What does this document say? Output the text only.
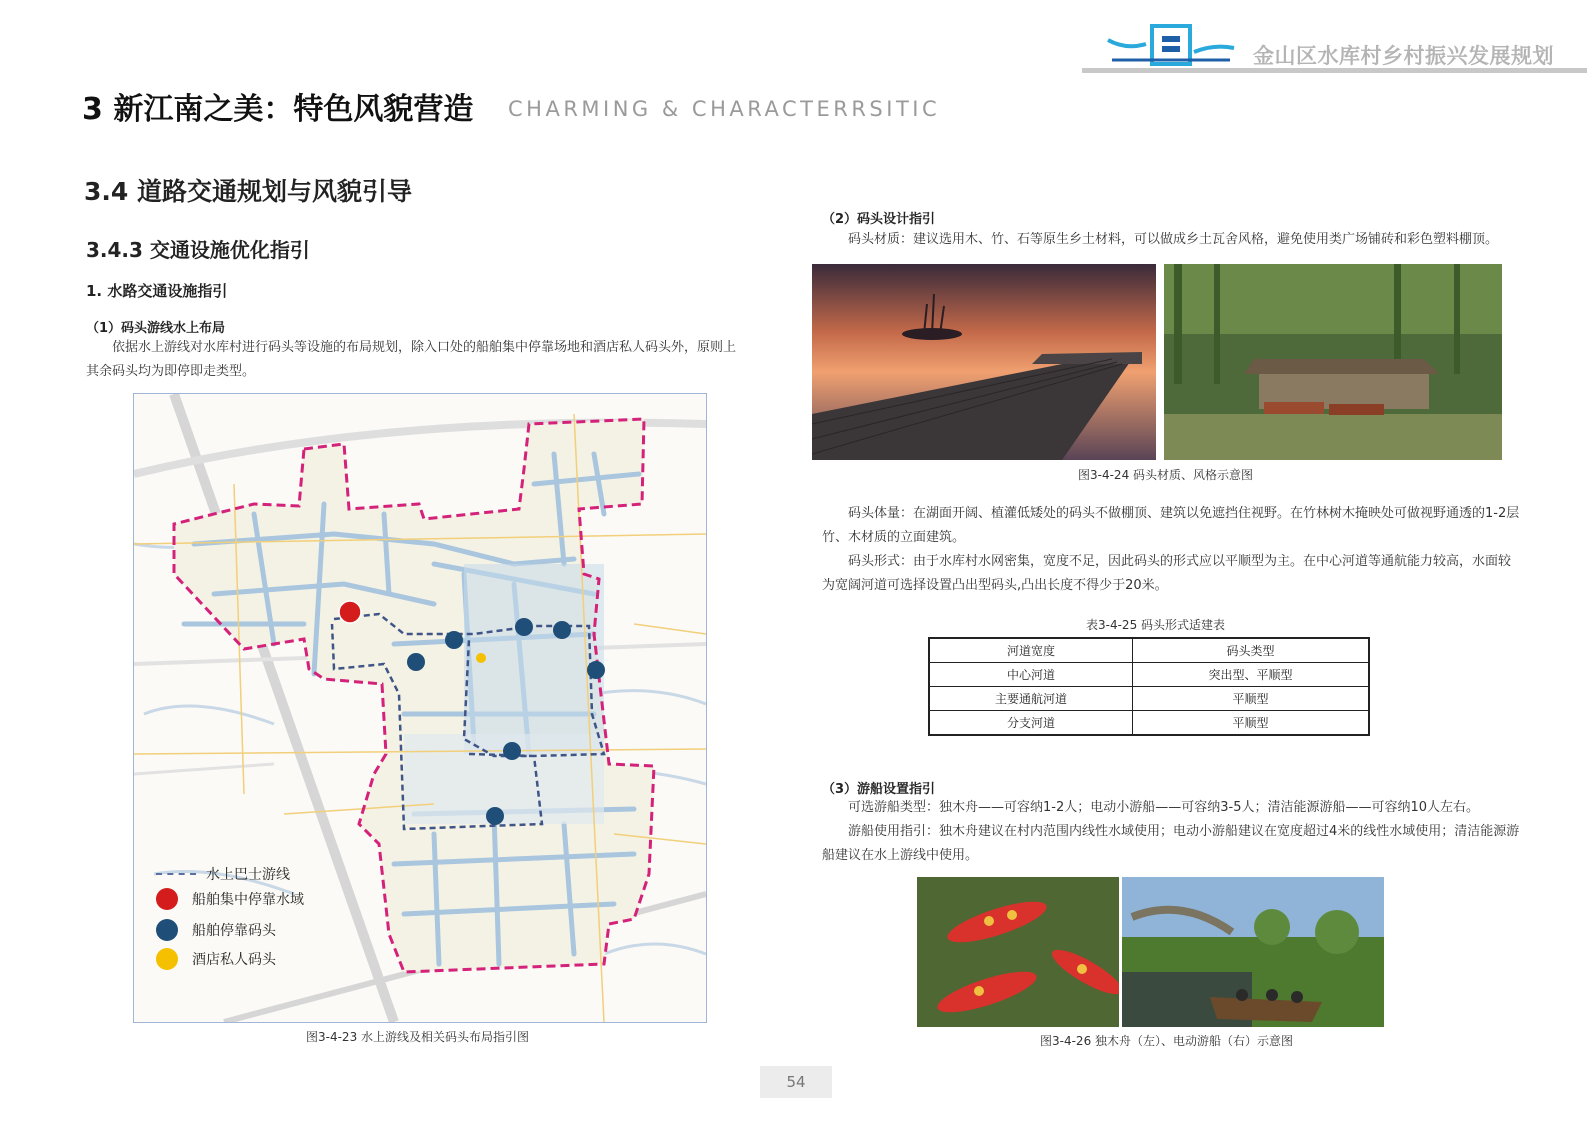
金山区水库村乡村振兴发展规划
3 新江南之美：特色风貌营造 CHARMING & CHARACTERRSITIC
3.4 道路交通规划与风貌引导
3.4.3 交通设施优化指引
1. 水路交通设施指引
（1）码头游线水上布局
依据水上游线对水库村进行码头等设施的布局规划，除入口处的船舶集中停靠场地和酒店私人码头外，原则上其余码头均为即停即走类型。
水上巴士游线
船舶集中停靠水域
船舶停靠码头
酒店私人码头
图3-4-23 水上游线及相关码头布局指引图
（2）码头设计指引
码头材质：建议选用木、竹、石等原生乡土材料，可以做成乡土瓦舍风格，避免使用类广场铺砖和彩色塑料棚顶。
图3-4-24 码头材质、风格示意图
码头体量：在湖面开阔、植灌低矮处的码头不做棚顶、建筑以免遮挡住视野。在竹林树木掩映处可做视野通透的1-2层竹、木材质的立面建筑。
码头形式：由于水库村水网密集，宽度不足，因此码头的形式应以平顺型为主。在中心河道等通航能力较高，水面较为宽阔河道可选择设置凸出型码头,凸出长度不得少于20米。
表3-4-25 码头形式适建表
河道宽度	码头类型
中心河道	突出型、平顺型
主要通航河道	平顺型
分支河道	平顺型
（3）游船设置指引
可选游船类型：独木舟——可容纳1-2人；电动小游船——可容纳3-5人；清洁能源游船——可容纳10人左右。
游船使用指引：独木舟建议在村内范围内线性水域使用；电动小游船建议在宽度超过4米的线性水域使用；清洁能源游船建议在水上游线中使用。
图3-4-26 独木舟（左）、电动游船（右）示意图
54
